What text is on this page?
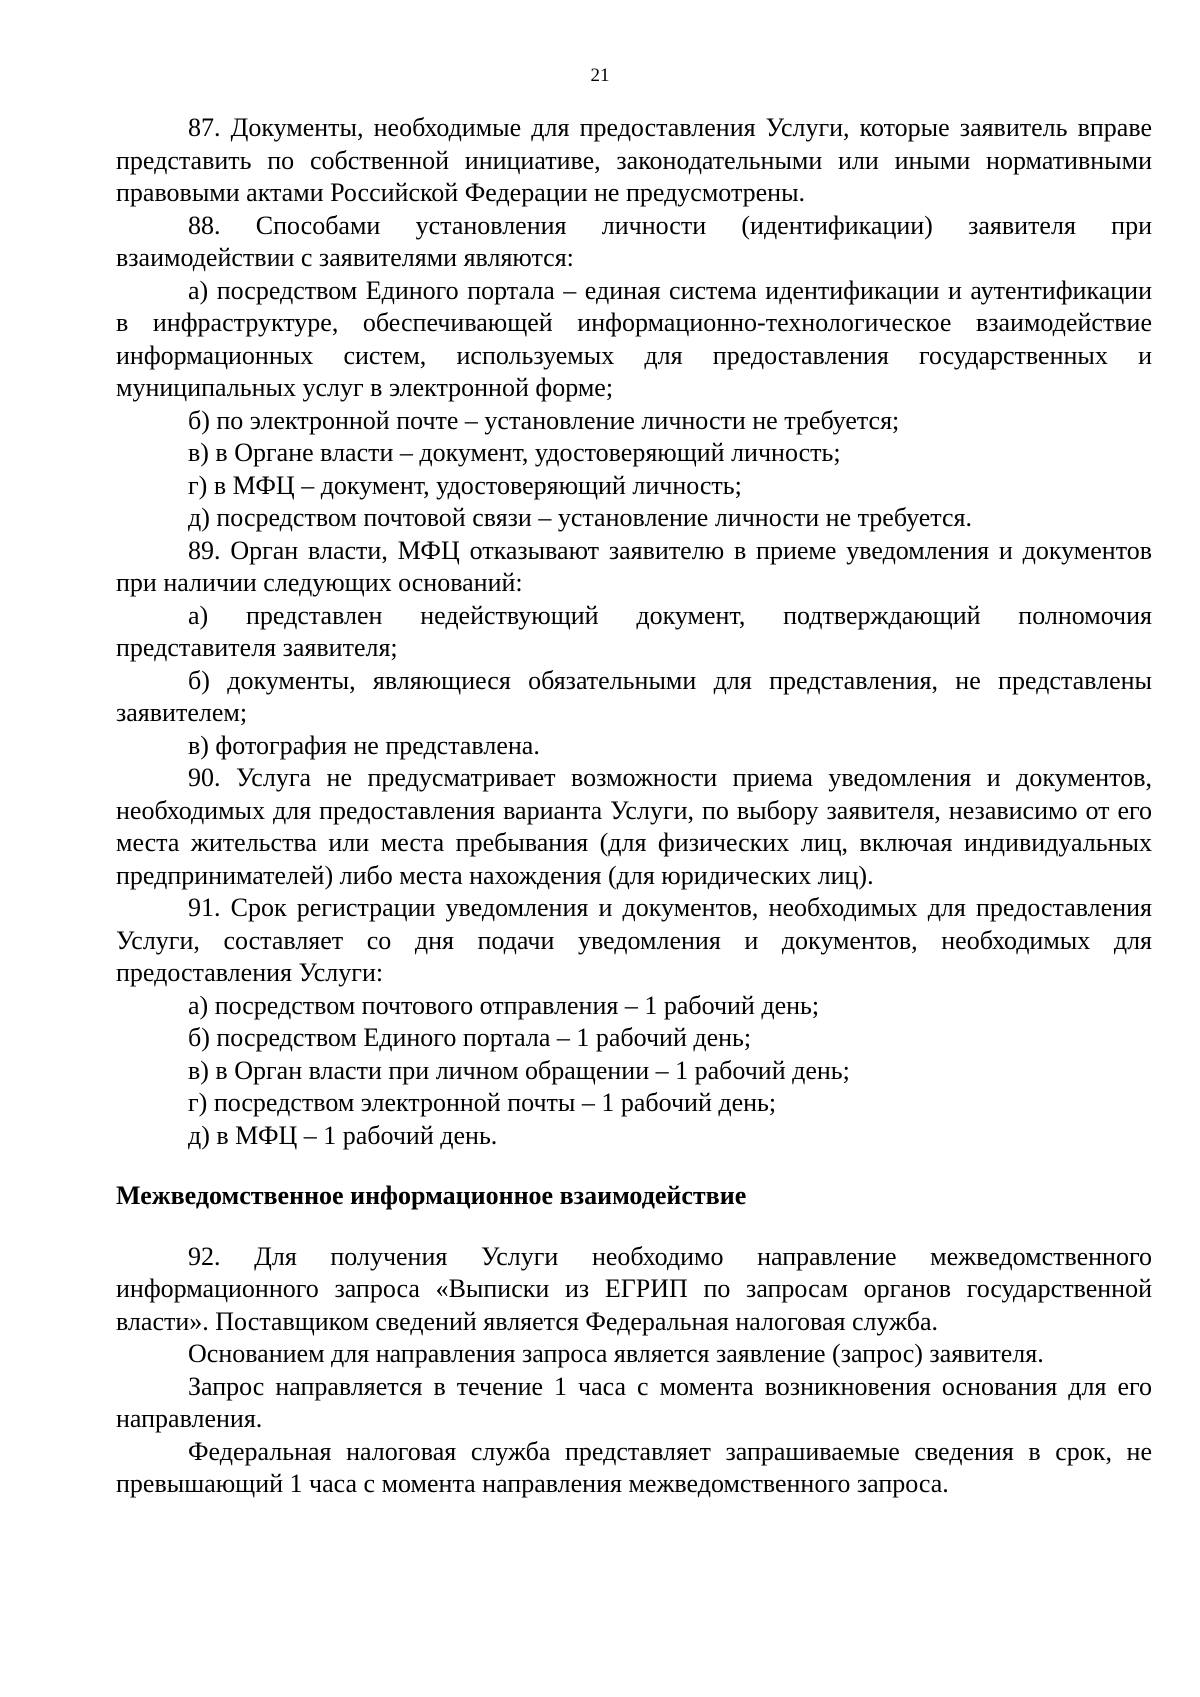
21

87. Документы, необходимые для предоставления Услуги, которые заявитель вправе представить по собственной инициативе, законодательными или иными нормативными правовыми актами Российской Федерации не предусмотрены.

88. Способами установления личности (идентификации) заявителя при взаимодействии с заявителями являются:

а) посредством Единого портала – единая система идентификации и аутентификации в инфраструктуре, обеспечивающей информационно-технологическое взаимодействие информационных систем, используемых для предоставления государственных и муниципальных услуг в электронной форме;

б) по электронной почте – установление личности не требуется;

в) в Органе власти – документ, удостоверяющий личность;

г) в МФЦ – документ, удостоверяющий личность;

д) посредством почтовой связи – установление личности не требуется.

89. Орган власти, МФЦ отказывают заявителю в приеме уведомления и документов при наличии следующих оснований:

а) представлен недействующий документ, подтверждающий полномочия представителя заявителя;

б) документы, являющиеся обязательными для представления, не представлены заявителем;

в) фотография не представлена.

90. Услуга не предусматривает возможности приема уведомления и документов, необходимых для предоставления варианта Услуги, по выбору заявителя, независимо от его места жительства или места пребывания (для физических лиц, включая индивидуальных предпринимателей) либо места нахождения (для юридических лиц).

91. Срок регистрации уведомления и документов, необходимых для предоставления Услуги, составляет со дня подачи уведомления и документов, необходимых для предоставления Услуги:

а) посредством почтового отправления – 1 рабочий день;

б) посредством Единого портала – 1 рабочий день;

в) в Орган власти при личном обращении – 1 рабочий день;

г) посредством электронной почты – 1 рабочий день;

д) в МФЦ – 1 рабочий день.

Межведомственное информационное взаимодействие

92. Для получения Услуги необходимо направление межведомственного информационного запроса «Выписки из ЕГРИП по запросам органов государственной власти». Поставщиком сведений является Федеральная налоговая служба.

Основанием для направления запроса является заявление (запрос) заявителя.

Запрос направляется в течение 1 часа с момента возникновения основания для его направления.

Федеральная налоговая служба представляет запрашиваемые сведения в срок, не превышающий 1 часа с момента направления межведомственного запроса.
